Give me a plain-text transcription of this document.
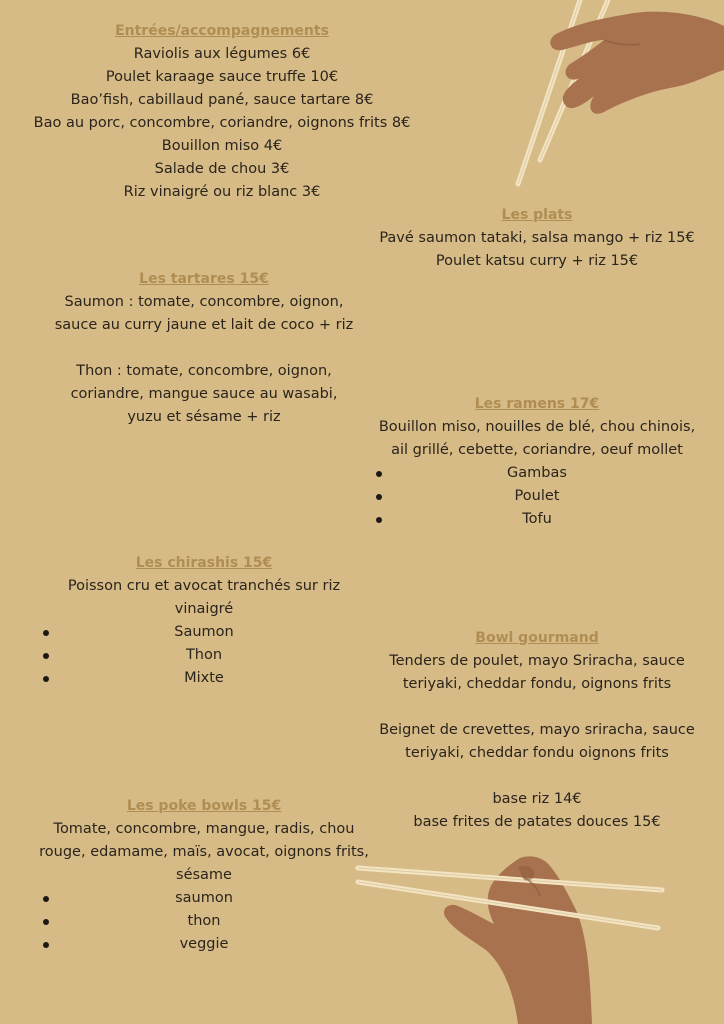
Entrées/accompagnements
Raviolis aux légumes 6€
Poulet karaage sauce truffe 10€
Bao’fish, cabillaud pané, sauce tartare 8€
Bao au porc, concombre, coriandre, oignons frits 8€
Bouillon miso 4€
Salade de chou 3€
Riz vinaigré ou riz blanc 3€
Les plats
Pavé saumon tataki, salsa mango + riz 15€
Poulet katsu curry + riz 15€
Les tartares 15€
Saumon : tomate, concombre, oignon,
sauce au curry jaune et lait de coco + riz
Thon : tomate, concombre, oignon,
coriandre, mangue sauce au wasabi,
yuzu et sésame + riz
Les ramens 17€
Bouillon miso, nouilles de blé, chou chinois,
ail grillé, cebette, coriandre, oeuf mollet
Gambas
Poulet
Tofu
Les chirashis 15€
Poisson cru et avocat tranchés sur riz
vinaigré
Saumon
Thon
Mixte
Bowl gourmand
Tenders de poulet, mayo Sriracha, sauce
teriyaki, cheddar fondu, oignons frits
Beignet de crevettes, mayo sriracha, sauce
teriyaki, cheddar fondu oignons frits
base riz 14€
base frites de patates douces 15€
Les poke bowls 15€
Tomate, concombre, mangue, radis, chou
rouge, edamame, maïs, avocat, oignons frits,
sésame
saumon
thon
veggie
